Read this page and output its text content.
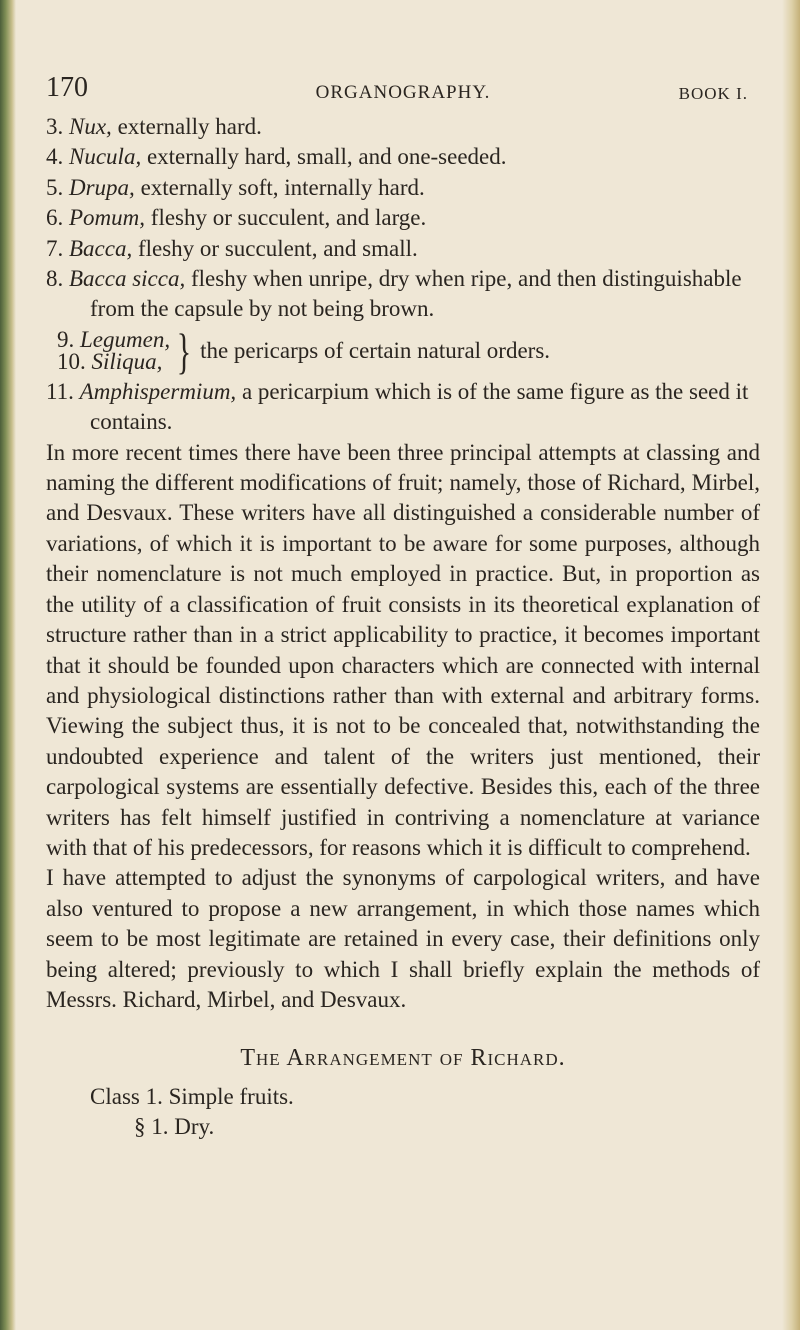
170	ORGANOGRAPHY.	BOOK I.

3. Nux, externally hard.

4. Nucula, externally hard, small, and one-seeded.

5. Drupa, externally soft, internally hard.

6. Pomum, fleshy or succulent, and large.

7. Bacca, fleshy or succulent, and small.

8. Bacca sicca, fleshy when unripe, dry when ripe, and then distinguishable from the capsule by not being brown.

9. Legumen,
10. Siliqua, } the pericarps of certain natural orders.

11. Amphispermium, a pericarpium which is of the same figure as the seed it contains.

In more recent times there have been three principal attempts at classing and naming the different modifications of fruit; namely, those of Richard, Mirbel, and Desvaux. These writers have all distinguished a considerable number of variations, of which it is important to be aware for some purposes, although their nomenclature is not much employed in practice. But, in proportion as the utility of a classification of fruit consists in its theoretical explanation of structure rather than in a strict applicability to practice, it becomes important that it should be founded upon characters which are connected with internal and physiological distinctions rather than with external and arbitrary forms. Viewing the subject thus, it is not to be concealed that, notwithstanding the undoubted experience and talent of the writers just mentioned, their carpological systems are essentially defective. Besides this, each of the three writers has felt himself justified in contriving a nomenclature at variance with that of his predecessors, for reasons which it is difficult to comprehend.

I have attempted to adjust the synonyms of carpological writers, and have also ventured to propose a new arrangement, in which those names which seem to be most legitimate are retained in every case, their definitions only being altered; previously to which I shall briefly explain the methods of Messrs. Richard, Mirbel, and Desvaux.

The Arrangement of Richard.

Class 1. Simple fruits.

§ 1. Dry.
